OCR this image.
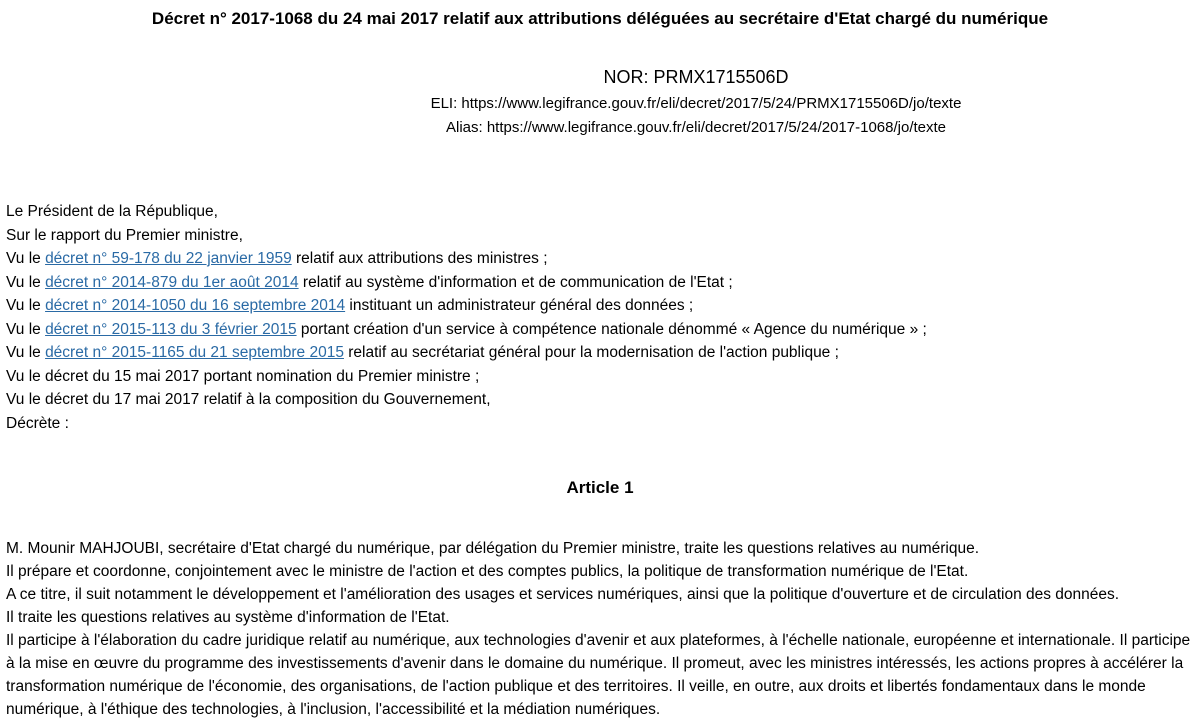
Décret n° 2017-1068 du 24 mai 2017 relatif aux attributions déléguées au secrétaire d'Etat chargé du numérique
NOR: PRMX1715506D
ELI: https://www.legifrance.gouv.fr/eli/decret/2017/5/24/PRMX1715506D/jo/texte
Alias: https://www.legifrance.gouv.fr/eli/decret/2017/5/24/2017-1068/jo/texte
Le Président de la République,
Sur le rapport du Premier ministre,
Vu le décret n° 59-178 du 22 janvier 1959 relatif aux attributions des ministres ;
Vu le décret n° 2014-879 du 1er août 2014 relatif au système d'information et de communication de l'Etat ;
Vu le décret n° 2014-1050 du 16 septembre 2014 instituant un administrateur général des données ;
Vu le décret n° 2015-113 du 3 février 2015 portant création d'un service à compétence nationale dénommé « Agence du numérique » ;
Vu le décret n° 2015-1165 du 21 septembre 2015 relatif au secrétariat général pour la modernisation de l'action publique ;
Vu le décret du 15 mai 2017 portant nomination du Premier ministre ;
Vu le décret du 17 mai 2017 relatif à la composition du Gouvernement,
Décrète :
Article 1

M. Mounir MAHJOUBI, secrétaire d'Etat chargé du numérique, par délégation du Premier ministre, traite les questions relatives au numérique.

Il prépare et coordonne, conjointement avec le ministre de l'action et des comptes publics, la politique de transformation numérique de l'Etat.

A ce titre, il suit notamment le développement et l'amélioration des usages et services numériques, ainsi que la politique d'ouverture et de circulation des données.

Il traite les questions relatives au système d'information de l'Etat.

Il participe à l'élaboration du cadre juridique relatif au numérique, aux technologies d'avenir et aux plateformes, à l'échelle nationale, européenne et internationale. Il participe à la mise en œuvre du programme des investissements d'avenir dans le domaine du numérique. Il promeut, avec les ministres intéressés, les actions propres à accélérer la transformation numérique de l'économie, des organisations, de l'action publique et des territoires. Il veille, en outre, aux droits et libertés fondamentaux dans le monde numérique, à l'éthique des technologies, à l'inclusion, l'accessibilité et la médiation numériques.
